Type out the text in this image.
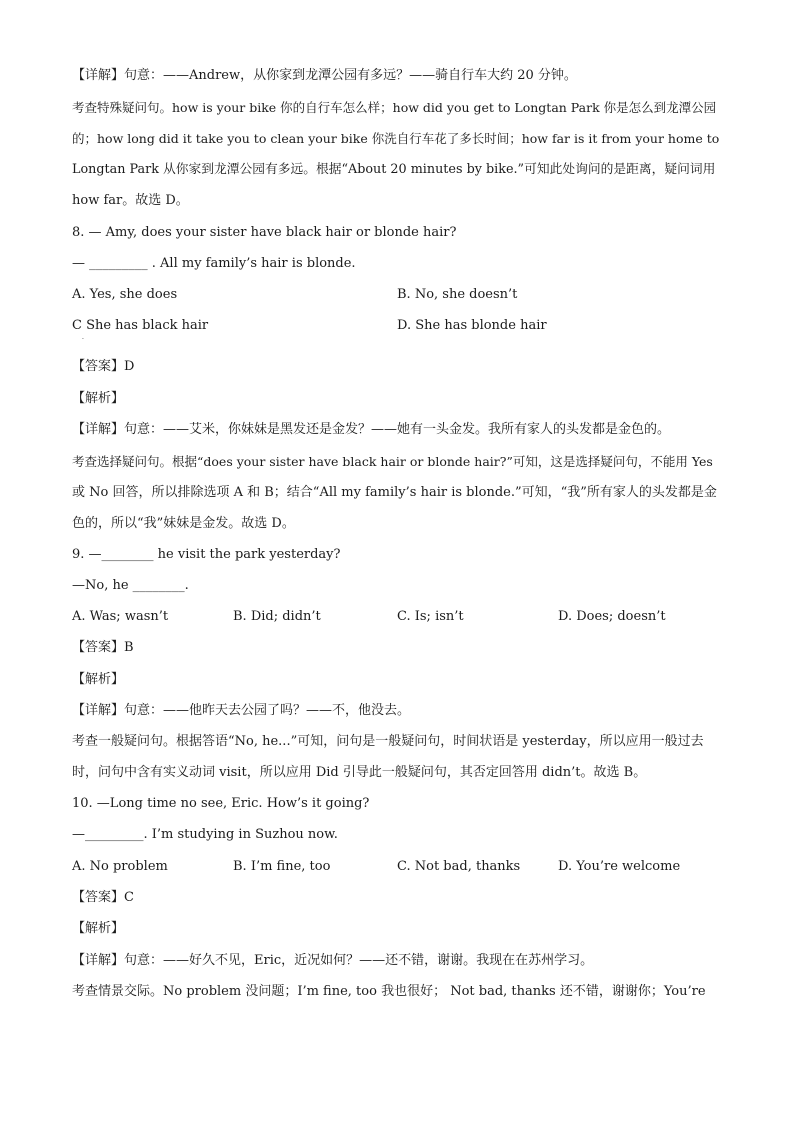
【详解】句意：——Andrew，从你家到龙潭公园有多远？——骑自行车大约 20 分钟。
考查特殊疑问句。how is your bike 你的自行车怎么样；how did you get to Longtan Park 你是怎么到龙潭公园
的；how long did it take you to clean your bike 你洗自行车花了多长时间；how far is it from your home to
Longtan Park 从你家到龙潭公园有多远。根据“About 20 minutes by bike.”可知此处询问的是距离，疑问词用
how far。故选 D。
8. — Amy, does your sister have black hair or blonde hair?
— _________ . All my family’s hair is blonde.
A. Yes, she does	B. No, she doesn’t
C She has black hair	D. She has blonde hair
·
【答案】D
【解析】
【详解】句意：——艾米，你妹妹是黑发还是金发？——她有一头金发。我所有家人的头发都是金色的。
考查选择疑问句。根据“does your sister have black hair or blonde hair?”可知，这是选择疑问句，不能用 Yes
或 No 回答，所以排除选项 A 和 B；结合“All my family’s hair is blonde.”可知，“我”所有家人的头发都是金
色的，所以“我”妹妹是金发。故选 D。
9. —________ he visit the park yesterday?
—No, he ________.
A. Was; wasn’t	B. Did; didn’t	C. Is; isn’t	D. Does; doesn’t
【答案】B
【解析】
【详解】句意：——他昨天去公园了吗？——不，他没去。
考查一般疑问句。根据答语“No, he...”可知，问句是一般疑问句，时间状语是 yesterday，所以应用一般过去
时，问句中含有实义动词 visit，所以应用 Did 引导此一般疑问句，其否定回答用 didn’t。故选 B。
10. —Long time no see, Eric. How’s it going?
—_________. I’m studying in Suzhou now.
A. No problem	B. I’m fine, too	C. Not bad, thanks	D. You’re welcome
【答案】C
【解析】
【详解】句意：——好久不见，Eric，近况如何？——还不错，谢谢。我现在在苏州学习。
考查情景交际。No problem 没问题；I’m fine, too 我也很好； Not bad, thanks 还不错，谢谢你；You’re
